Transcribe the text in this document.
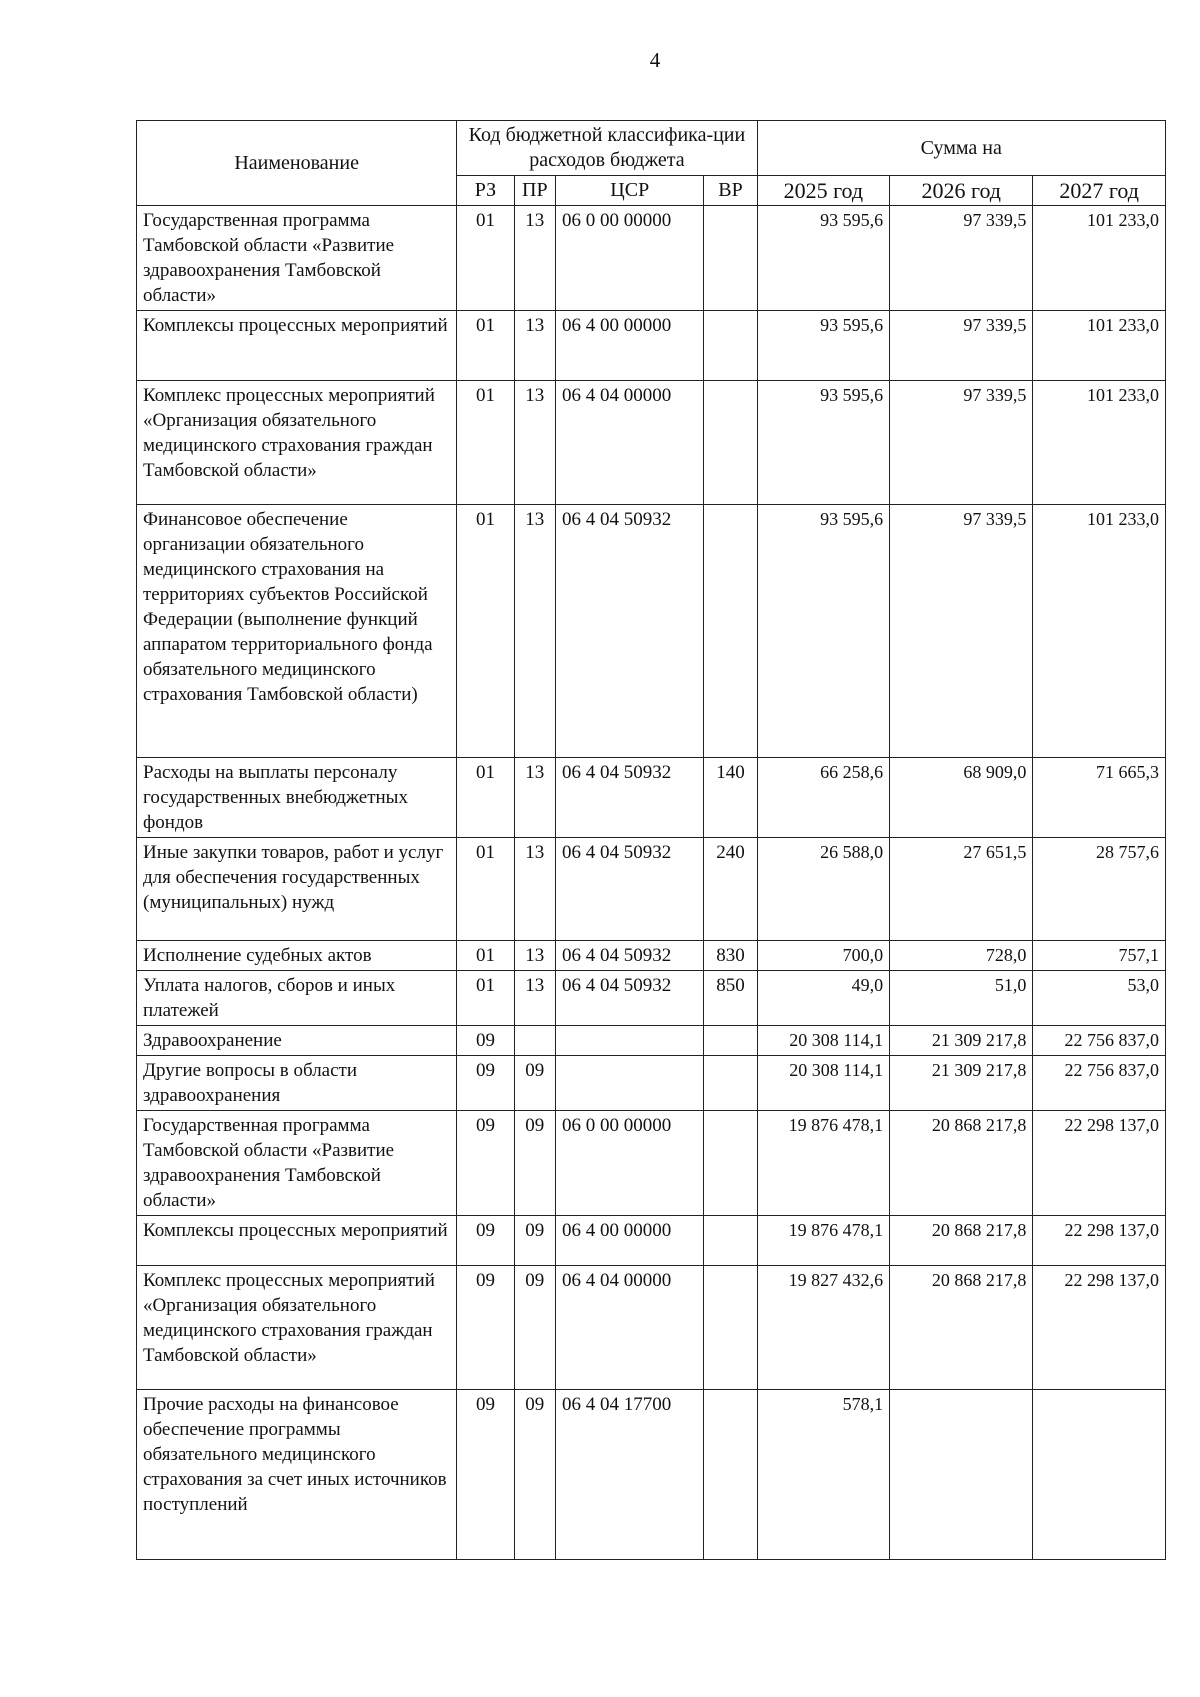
4
Наименование	Код бюджетной классифика-ции расходов бюджета				Сумма на		
	РЗ	ПР	ЦСР	ВР	2025 год	2026 год	2027 год
Государственная программа Тамбовской области «Развитие здравоохранения Тамбовской области»	01	13	06 0 00 00000		93 595,6	97 339,5	101 233,0
Комплексы процессных мероприятий	01	13	06 4 00 00000		93 595,6	97 339,5	101 233,0
Комплекс процессных мероприятий «Организация обязательного медицинского страхования граждан Тамбовской области»	01	13	06 4 04 00000		93 595,6	97 339,5	101 233,0
Финансовое обеспечение организации обязательного медицинского страхования на территориях субъектов Российской Федерации (выполнение функций аппаратом территориального фонда обязательного медицинского страхования Тамбовской области)	01	13	06 4 04 50932		93 595,6	97 339,5	101 233,0
Расходы на выплаты персоналу государственных внебюджетных фондов	01	13	06 4 04 50932	140	66 258,6	68 909,0	71 665,3
Иные закупки товаров, работ и услуг для обеспечения государственных (муниципальных) нужд	01	13	06 4 04 50932	240	26 588,0	27 651,5	28 757,6
Исполнение судебных актов	01	13	06 4 04 50932	830	700,0	728,0	757,1
Уплата налогов, сборов и иных платежей	01	13	06 4 04 50932	850	49,0	51,0	53,0
Здравоохранение	09				20 308 114,1	21 309 217,8	22 756 837,0
Другие вопросы в области здравоохранения	09	09			20 308 114,1	21 309 217,8	22 756 837,0
Государственная программа Тамбовской области «Развитие здравоохранения Тамбовской области»	09	09	06 0 00 00000		19 876 478,1	20 868 217,8	22 298 137,0
Комплексы процессных мероприятий	09	09	06 4 00 00000		19 876 478,1	20 868 217,8	22 298 137,0
Комплекс процессных мероприятий «Организация обязательного медицинского страхования граждан Тамбовской области»	09	09	06 4 04 00000		19 827 432,6	20 868 217,8	22 298 137,0
Прочие расходы на финансовое обеспечение программы обязательного медицинского страхования за счет иных источников поступлений	09	09	06 4 04 17700		578,1		
